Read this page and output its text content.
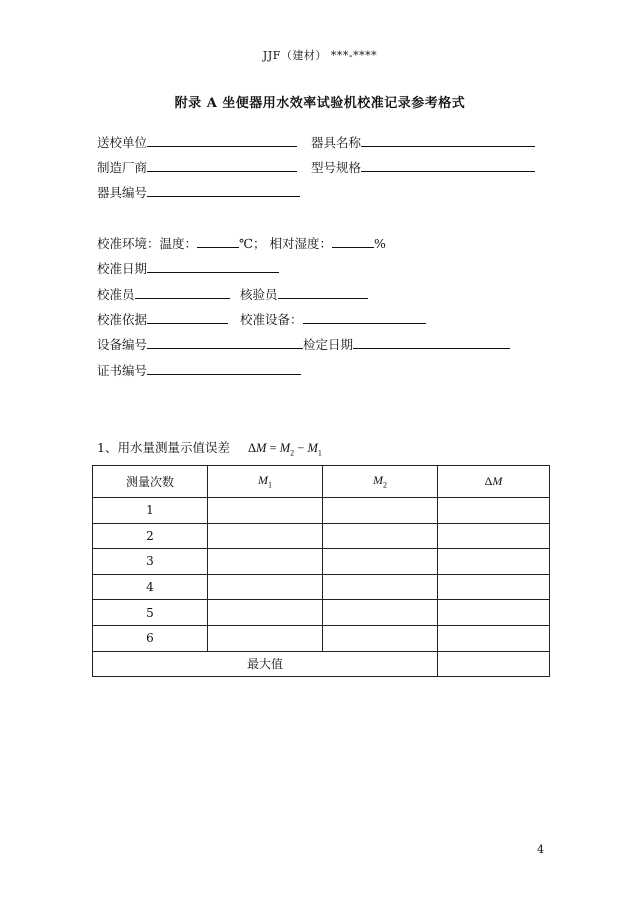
JJF（建材） ***-****
附录 A 坐便器用水效率试验机校准记录参考格式
送校单位	器具名称
制造厂商	型号规格
器具编号
校准环境：温度：	℃； 相对湿度：	%
校准日期
校准员	核验员
校准依据	校准设备：
设备编号	检定日期
证书编号
1、用水量测量示值误差 $\Delta M = M_2 - M_1$
测量次数	$M_1$	$M_2$	ΔM
1			
2			
3			
4			
5			
6			
最大值			
4
